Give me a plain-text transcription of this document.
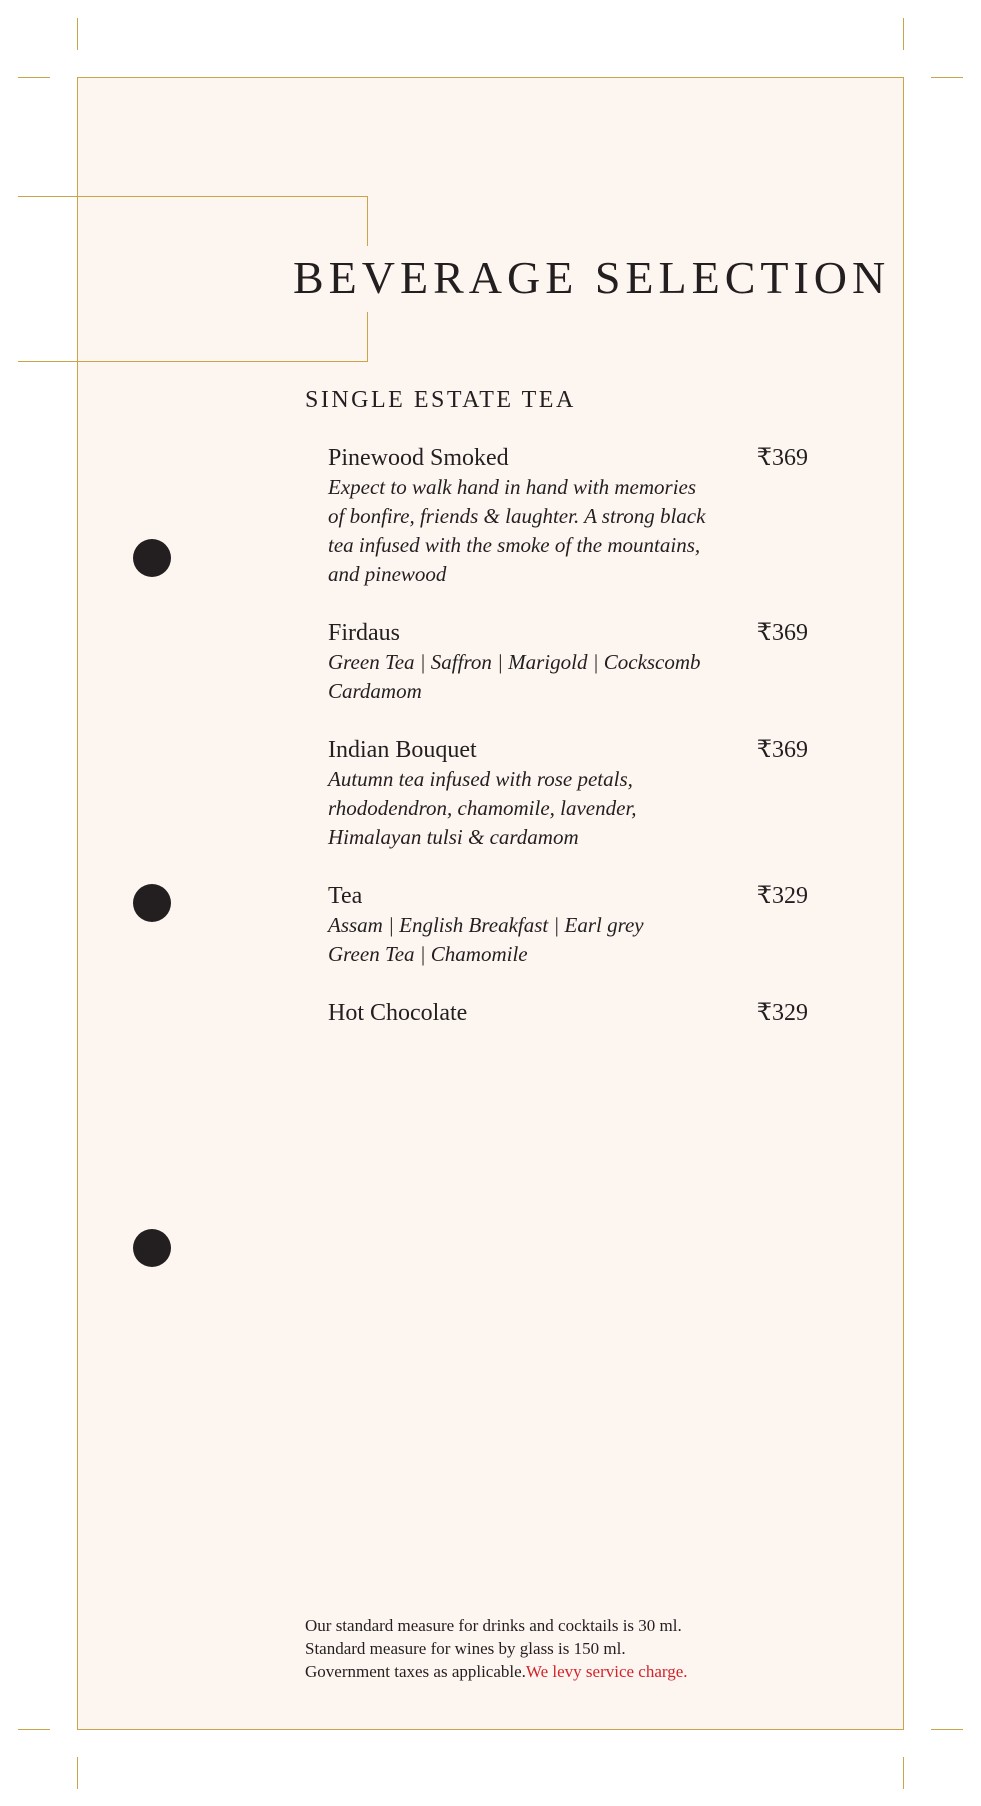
BEVERAGE SELECTION
SINGLE ESTATE TEA
Pinewood Smoked	₹369
Expect to walk hand in hand with memories
of bonfire, friends & laughter. A strong black
tea infused with the smoke of the mountains,
and pinewood
Firdaus	₹369
Green Tea | Saffron | Marigold | Cockscomb
Cardamom
Indian Bouquet	₹369
Autumn tea infused with rose petals,
rhododendron, chamomile, lavender,
Himalayan tulsi & cardamom
Tea	₹329
Assam | English Breakfast | Earl grey
Green Tea | Chamomile
Hot Chocolate	₹329
Our standard measure for drinks and cocktails is 30 ml.
Standard measure for wines by glass is 150 ml.
Government taxes as applicable.We levy service charge.
